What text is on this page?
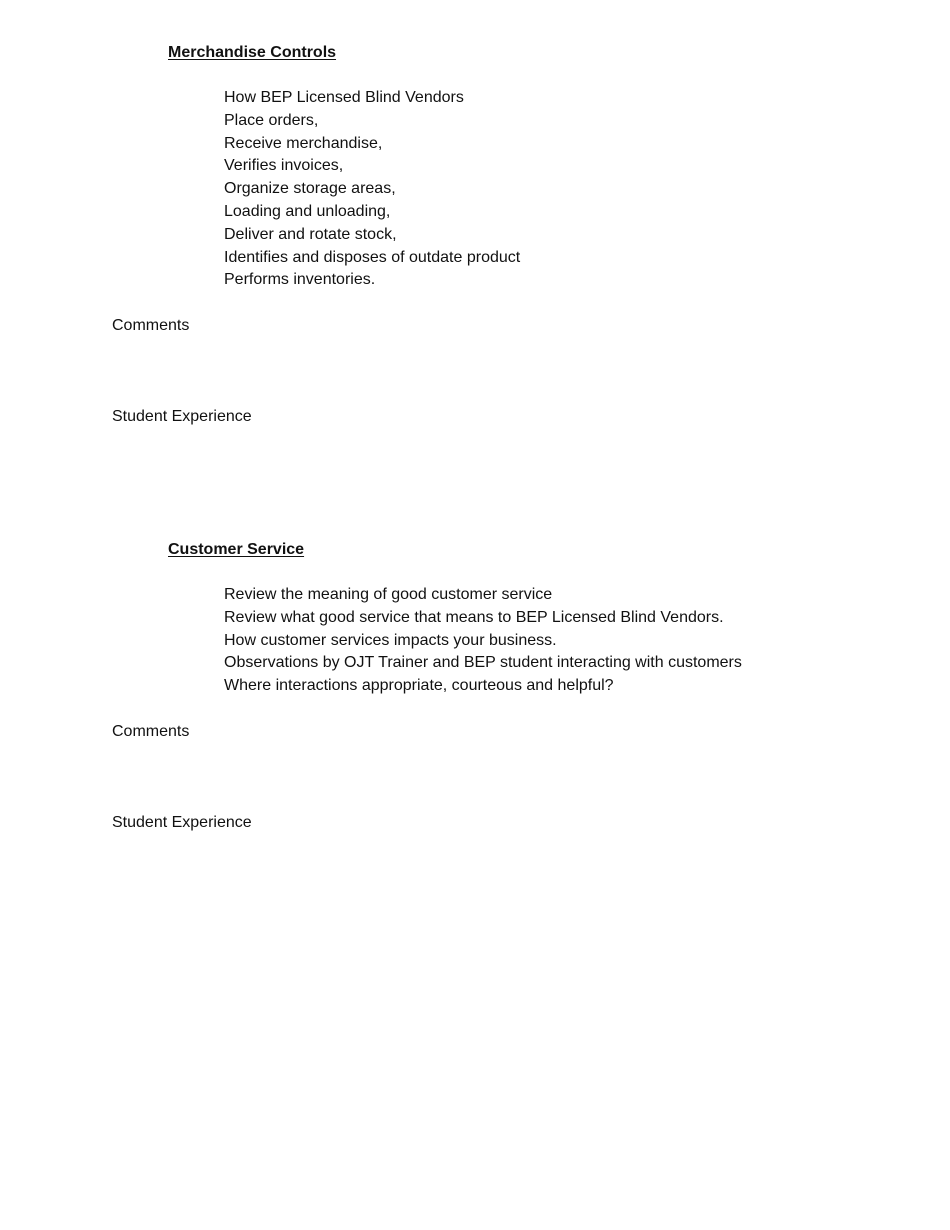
Merchandise Controls
How BEP Licensed Blind Vendors
Place orders,
Receive merchandise,
Verifies invoices,
Organize storage areas,
Loading and unloading,
Deliver and rotate stock,
Identifies and disposes of outdate product
Performs inventories.
Comments
Student Experience
Customer Service
Review the meaning of good customer service
Review what good service that means to BEP Licensed Blind Vendors.
How customer services impacts your business.
Observations by OJT Trainer and BEP student interacting with customers
Where interactions appropriate, courteous and helpful?
Comments
Student Experience
